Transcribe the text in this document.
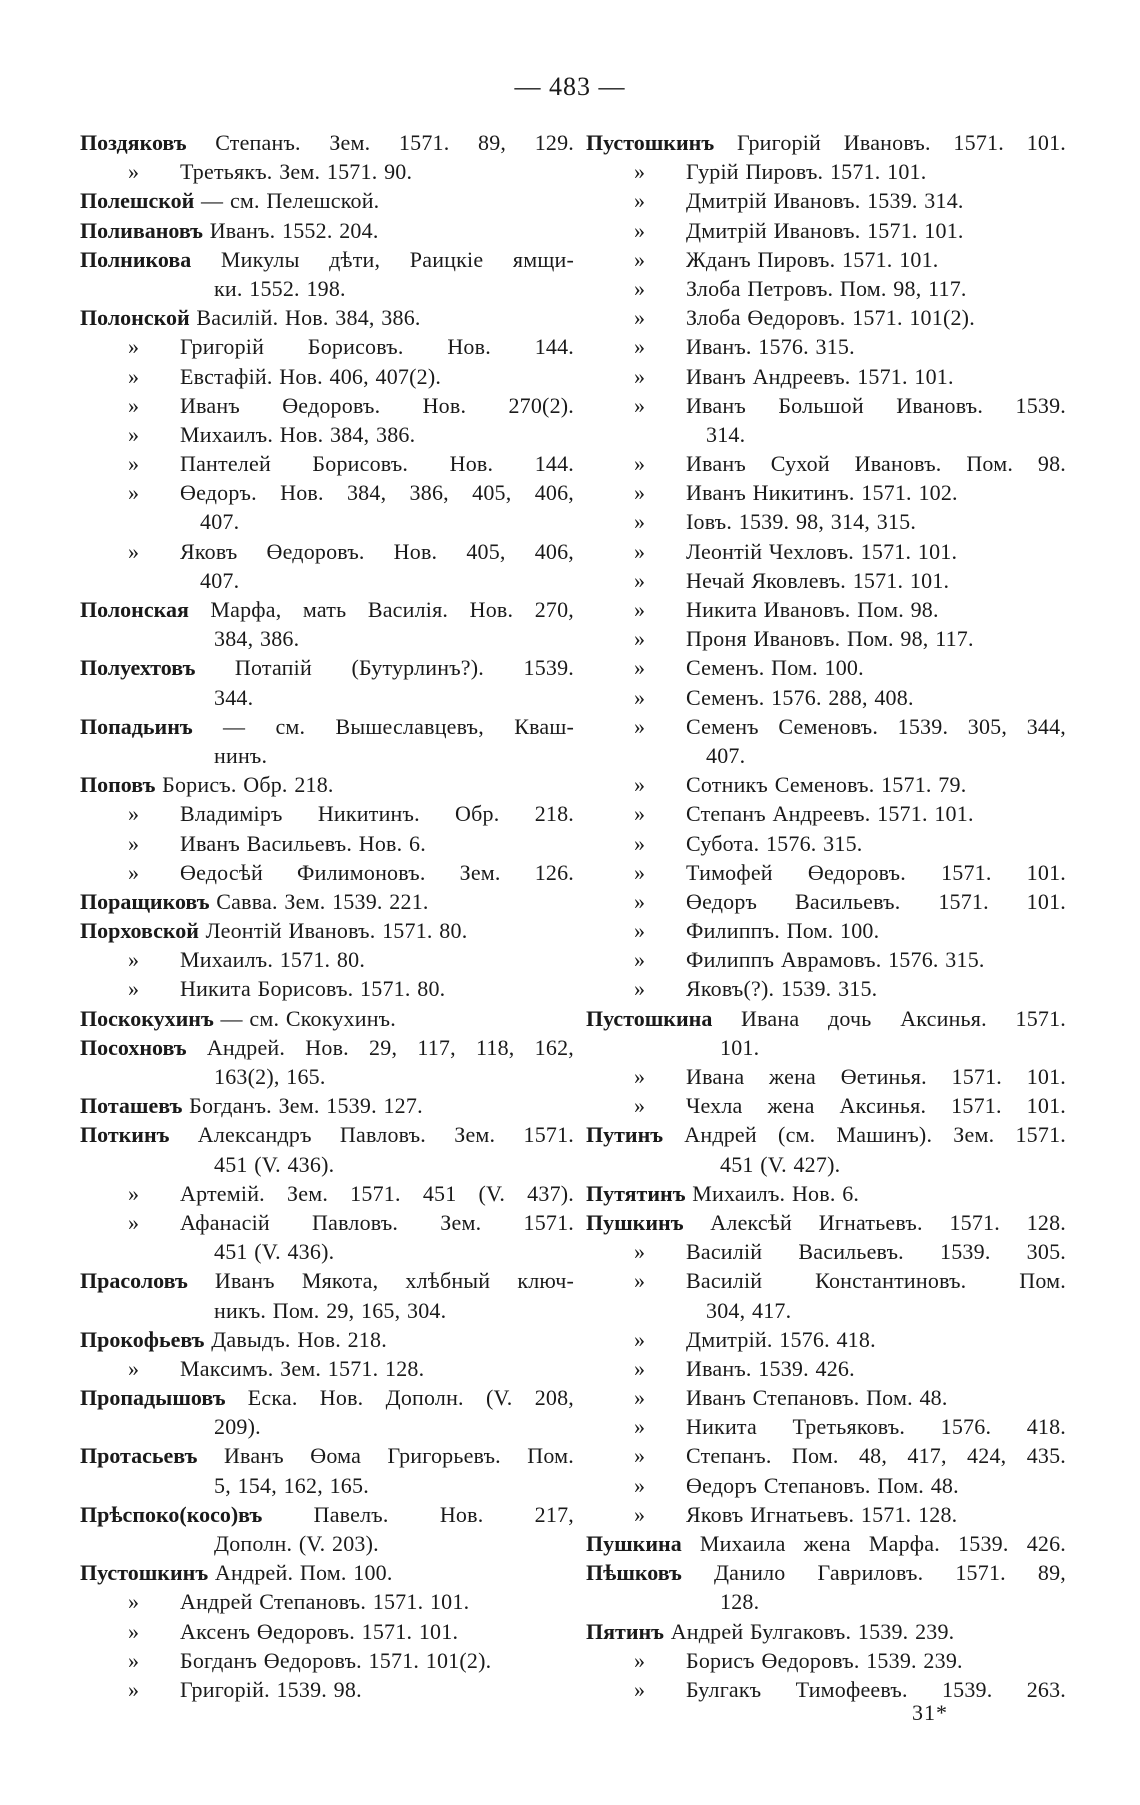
— 483 —
Поздяковъ Степанъ. Зем. 1571. 89, 129.
» Третьякъ. Зем. 1571. 90.
Полешской — см. Пелешской.
Поливановъ Иванъ. 1552. 204.
Полникова Микулы дѣти, Раицкіе ямщи-
ки. 1552. 198.
Полонской Василій. Нов. 384, 386.
» Григорій Борисовъ. Нов. 144.
» Евстафій. Нов. 406, 407(2).
» Иванъ Өедоровъ. Нов. 270(2).
» Михаилъ. Нов. 384, 386.
» Пантелей Борисовъ. Нов. 144.
» Өедоръ. Нов. 384, 386, 405, 406,
407.
» Яковъ Өедоровъ. Нов. 405, 406,
407.
Полонская Марфа, мать Василія. Нов. 270,
384, 386.
Полуехтовъ Потапій (Бутурлинъ?). 1539.
344.
Попадьинъ — см. Вышеславцевъ, Кваш-
нинъ.
Поповъ Борисъ. Обр. 218.
» Владиміръ Никитинъ. Обр. 218.
» Иванъ Васильевъ. Нов. 6.
» Өедосѣй Филимоновъ. Зем. 126.
Поращиковъ Савва. Зем. 1539. 221.
Порховской Леонтій Ивановъ. 1571. 80.
» Михаилъ. 1571. 80.
» Никита Борисовъ. 1571. 80.
Поскокухинъ — см. Скокухинъ.
Посохновъ Андрей. Нов. 29, 117, 118, 162,
163(2), 165.
Поташевъ Богданъ. Зем. 1539. 127.
Поткинъ Александръ Павловъ. Зем. 1571.
451 (V. 436).
» Артемій. Зем. 1571. 451 (V. 437).
» Афанасій Павловъ. Зем. 1571.
451 (V. 436).
Прасоловъ Иванъ Мякота, хлѣбный ключ-
никъ. Пом. 29, 165, 304.
Прокофьевъ Давыдъ. Нов. 218.
» Максимъ. Зем. 1571. 128.
Пропадышовъ Еска. Нов. Дополн. (V. 208,
209).
Протасьевъ Иванъ Өома Григорьевъ. Пом.
5, 154, 162, 165.
Прѣспоко(косо)въ Павелъ. Нов. 217,
Дополн. (V. 203).
Пустошкинъ Андрей. Пом. 100.
» Андрей Степановъ. 1571. 101.
» Аксенъ Өедоровъ. 1571. 101.
» Богданъ Өедоровъ. 1571. 101(2).
» Григорій. 1539. 98.
Пустошкинъ Григорій Ивановъ. 1571. 101.
» Гурій Пировъ. 1571. 101.
» Дмитрій Ивановъ. 1539. 314.
» Дмитрій Ивановъ. 1571. 101.
» Жданъ Пировъ. 1571. 101.
» Злоба Петровъ. Пом. 98, 117.
» Злоба Өедоровъ. 1571. 101(2).
» Иванъ. 1576. 315.
» Иванъ Андреевъ. 1571. 101.
» Иванъ Большой Ивановъ. 1539.
314.
» Иванъ Сухой Ивановъ. Пом. 98.
» Иванъ Никитинъ. 1571. 102.
» Іовъ. 1539. 98, 314, 315.
» Леонтій Чехловъ. 1571. 101.
» Нечай Яковлевъ. 1571. 101.
» Никита Ивановъ. Пом. 98.
» Проня Ивановъ. Пом. 98, 117.
» Семенъ. Пом. 100.
» Семенъ. 1576. 288, 408.
» Семенъ Семеновъ. 1539. 305, 344,
407.
» Сотникъ Семеновъ. 1571. 79.
» Степанъ Андреевъ. 1571. 101.
» Субота. 1576. 315.
» Тимофей Өедоровъ. 1571. 101.
» Өедоръ Васильевъ. 1571. 101.
» Филиппъ. Пом. 100.
» Филиппъ Аврамовъ. 1576. 315.
» Яковъ(?). 1539. 315.
Пустошкина Ивана дочь Аксинья. 1571.
101.
» Ивана жена Өетинья. 1571. 101.
» Чехла жена Аксинья. 1571. 101.
Путинъ Андрей (см. Машинъ). Зем. 1571.
451 (V. 427).
Путятинъ Михаилъ. Нов. 6.
Пушкинъ Алексѣй Игнатьевъ. 1571. 128.
» Василій Васильевъ. 1539. 305.
» Василій Константиновъ. Пом.
304, 417.
» Дмитрій. 1576. 418.
» Иванъ. 1539. 426.
» Иванъ Степановъ. Пом. 48.
» Никита Третьяковъ. 1576. 418.
» Степанъ. Пом. 48, 417, 424, 435.
» Өедоръ Степановъ. Пом. 48.
» Яковъ Игнатьевъ. 1571. 128.
Пушкина Михаила жена Марфа. 1539. 426.
Пѣшковъ Данило Гавриловъ. 1571. 89,
128.
Пятинъ Андрей Булгаковъ. 1539. 239.
» Борисъ Өедоровъ. 1539. 239.
» Булгакъ Тимофеевъ. 1539. 263.
31*
